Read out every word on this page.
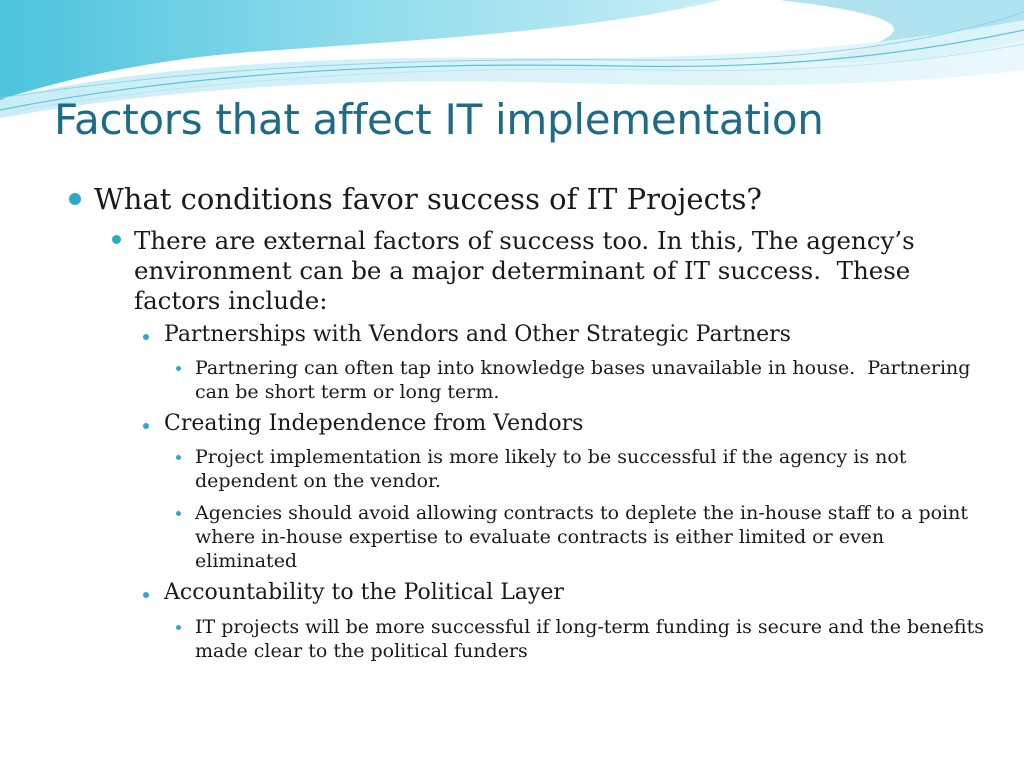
Factors that affect IT implementation
What conditions favor success of IT Projects?
There are external factors of success too. In this, The agency’s environment can be a major determinant of IT success.  These factors include:
Partnerships with Vendors and Other Strategic Partners
Partnering can often tap into knowledge bases unavailable in house.  Partnering can be short term or long term.
Creating Independence from Vendors
Project implementation is more likely to be successful if the agency is not dependent on the vendor.
Agencies should avoid allowing contracts to deplete the in-house staff to a point where in-house expertise to evaluate contracts is either limited or even eliminated
Accountability to the Political Layer
IT projects will be more successful if long-term funding is secure and the benefits made clear to the political funders
